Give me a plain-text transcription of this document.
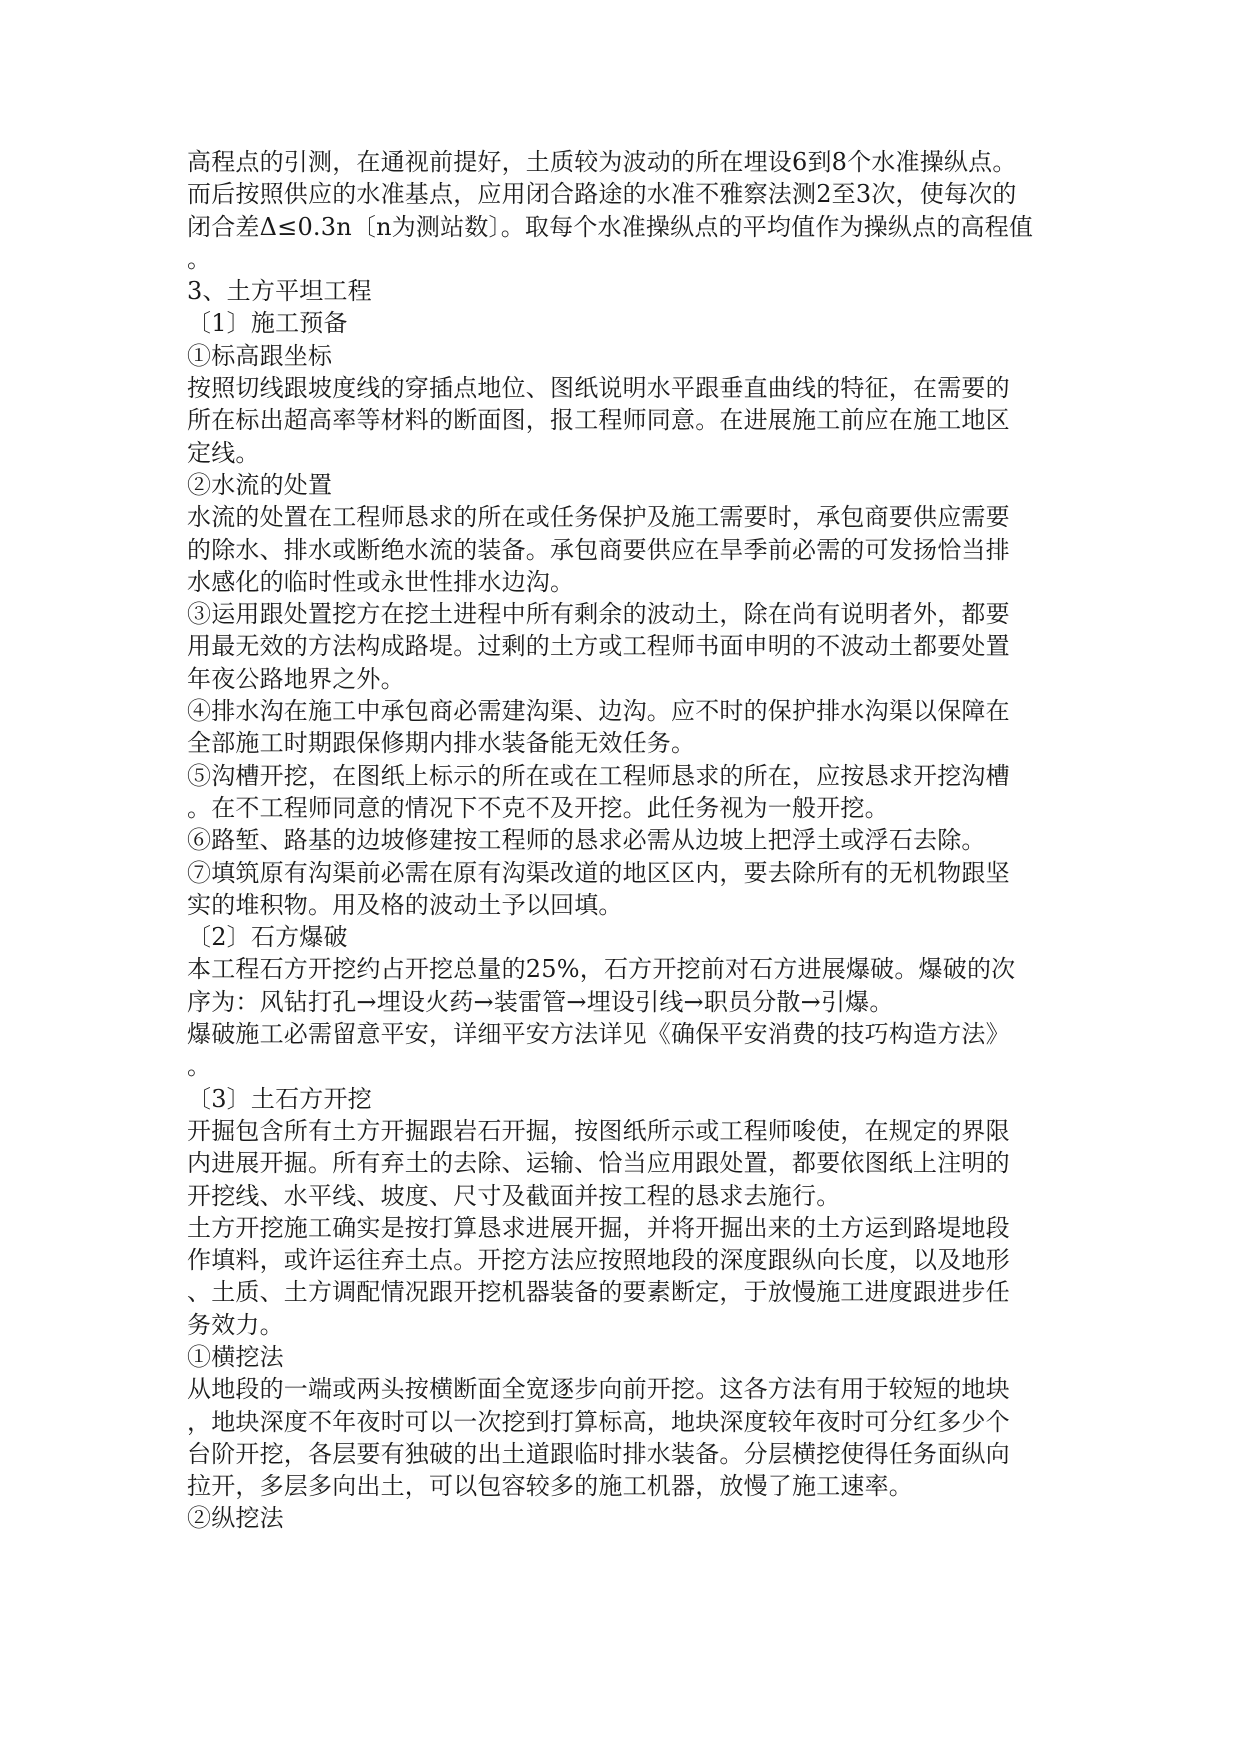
高程点的引测，在通视前提好，土质较为波动的所在埋设6到8个水准操纵点。
而后按照供应的水准基点，应用闭合路途的水准不雅察法测2至3次，使每次的
闭合差Δ≤0.3n〔n为测站数〕。取每个水准操纵点的平均值作为操纵点的高程值
。
3、土方平坦工程
〔1〕施工预备
①标高跟坐标
按照切线跟坡度线的穿插点地位、图纸说明水平跟垂直曲线的特征，在需要的
所在标出超高率等材料的断面图，报工程师同意。在进展施工前应在施工地区
定线。
②水流的处置
水流的处置在工程师恳求的所在或任务保护及施工需要时，承包商要供应需要
的除水、排水或断绝水流的装备。承包商要供应在旱季前必需的可发扬恰当排
水感化的临时性或永世性排水边沟。
③运用跟处置挖方在挖土进程中所有剩余的波动土，除在尚有说明者外，都要
用最无效的方法构成路堤。过剩的土方或工程师书面申明的不波动土都要处置
年夜公路地界之外。
④排水沟在施工中承包商必需建沟渠、边沟。应不时的保护排水沟渠以保障在
全部施工时期跟保修期内排水装备能无效任务。
⑤沟槽开挖，在图纸上标示的所在或在工程师恳求的所在，应按恳求开挖沟槽
。在不工程师同意的情况下不克不及开挖。此任务视为一般开挖。
⑥路堑、路基的边坡修建按工程师的恳求必需从边坡上把浮土或浮石去除。
⑦填筑原有沟渠前必需在原有沟渠改道的地区区内，要去除所有的无机物跟坚
实的堆积物。用及格的波动土予以回填。
〔2〕石方爆破
本工程石方开挖约占开挖总量的25%，石方开挖前对石方进展爆破。爆破的次
序为：风钻打孔→埋设火药→装雷管→埋设引线→职员分散→引爆。
爆破施工必需留意平安，详细平安方法详见《确保平安消费的技巧构造方法》
。
〔3〕土石方开挖
开掘包含所有土方开掘跟岩石开掘，按图纸所示或工程师唆使，在规定的界限
内进展开掘。所有弃土的去除、运输、恰当应用跟处置，都要依图纸上注明的
开挖线、水平线、坡度、尺寸及截面并按工程的恳求去施行。
土方开挖施工确实是按打算恳求进展开掘，并将开掘出来的土方运到路堤地段
作填料，或许运往弃土点。开挖方法应按照地段的深度跟纵向长度，以及地形
、土质、土方调配情况跟开挖机器装备的要素断定，于放慢施工进度跟进步任
务效力。
①横挖法
从地段的一端或两头按横断面全宽逐步向前开挖。这各方法有用于较短的地块
，地块深度不年夜时可以一次挖到打算标高，地块深度较年夜时可分红多少个
台阶开挖，各层要有独破的出土道跟临时排水装备。分层横挖使得任务面纵向
拉开，多层多向出土，可以包容较多的施工机器，放慢了施工速率。
②纵挖法
